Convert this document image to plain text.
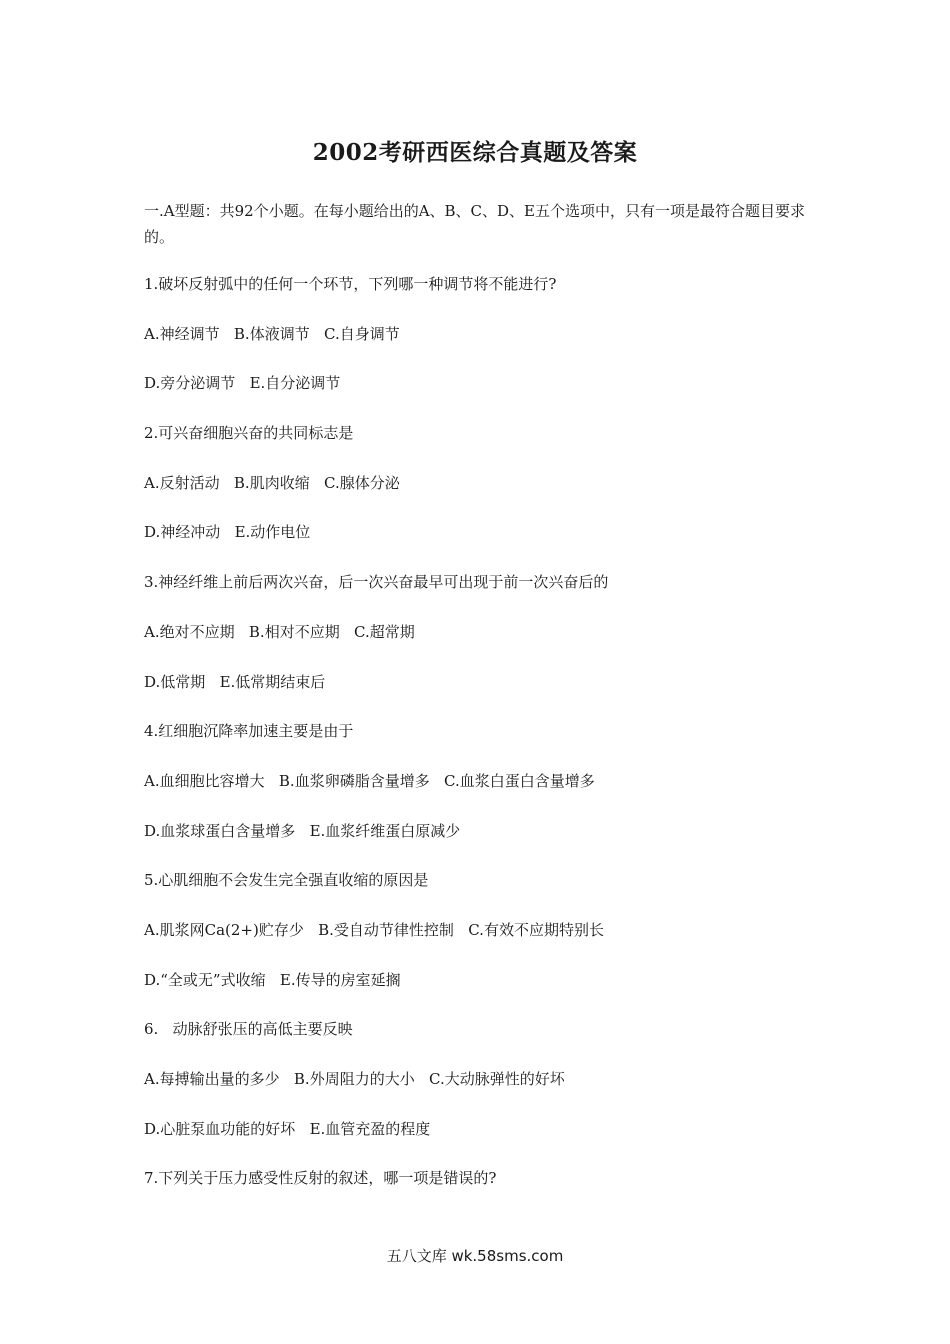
2002考研西医综合真题及答案
一.A型题：共92个小题。在每小题给出的A、B、C、D、E五个选项中，只有一项是最符合题目要求的。
1.破坏反射弧中的任何一个环节，下列哪一种调节将不能进行?
A.神经调节   B.体液调节   C.自身调节
D.旁分泌调节   E.自分泌调节
2.可兴奋细胞兴奋的共同标志是
A.反射活动   B.肌肉收缩   C.腺体分泌
D.神经冲动   E.动作电位
3.神经纤维上前后两次兴奋，后一次兴奋最早可出现于前一次兴奋后的
A.绝对不应期   B.相对不应期   C.超常期
D.低常期   E.低常期结束后
4.红细胞沉降率加速主要是由于
A.血细胞比容增大   B.血浆卵磷脂含量增多   C.血浆白蛋白含量增多
D.血浆球蛋白含量增多   E.血浆纤维蛋白原减少
5.心肌细胞不会发生完全强直收缩的原因是
A.肌浆网Ca(2+)贮存少   B.受自动节律性控制   C.有效不应期特别长
D.“全或无”式收缩   E.传导的房室延搁
6.   动脉舒张压的高低主要反映
A.每搏输出量的多少   B.外周阻力的大小   C.大动脉弹性的好坏
D.心脏泵血功能的好坏   E.血管充盈的程度
7.下列关于压力感受性反射的叙述，哪一项是错误的?
五八文库 wk.58sms.com
